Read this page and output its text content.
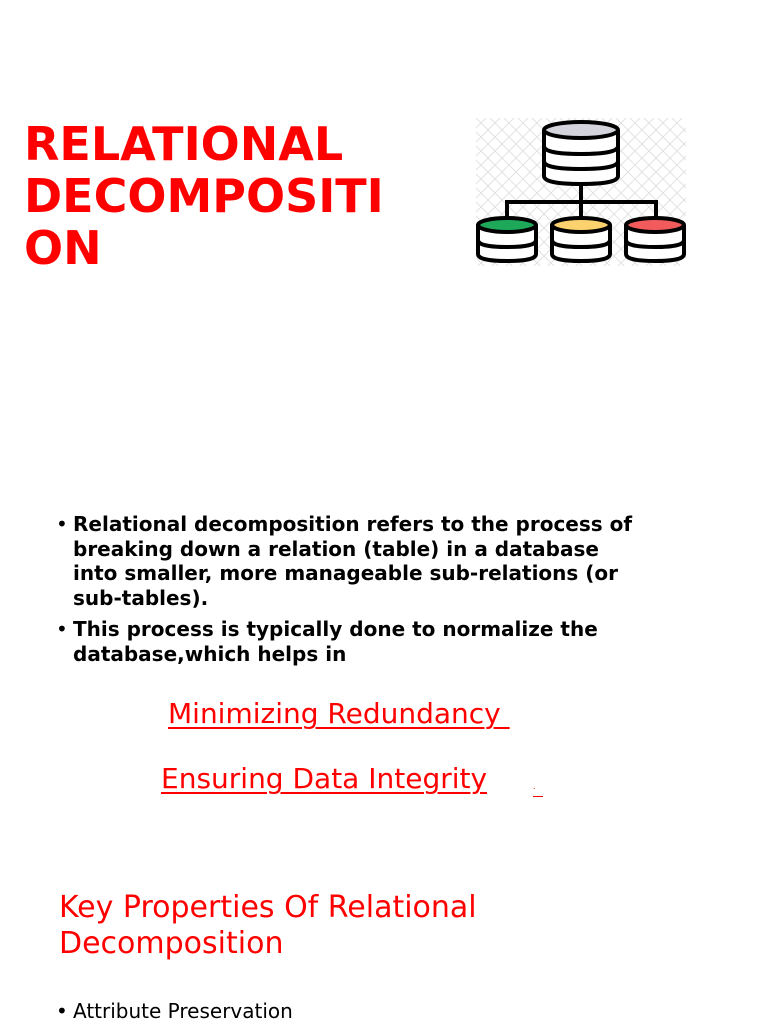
RELATIONAL
DECOMPOSITI
ON
• Relational decomposition refers to the process of
breaking down a relation (table) in a database
into smaller, more manageable sub-relations (or
sub-tables).
• This process is typically done to normalize the
database,which helps in
Minimizing Redundancy
Ensuring Data Integrity	.
Key Properties Of Relational
Decomposition
• Attribute Preservation
